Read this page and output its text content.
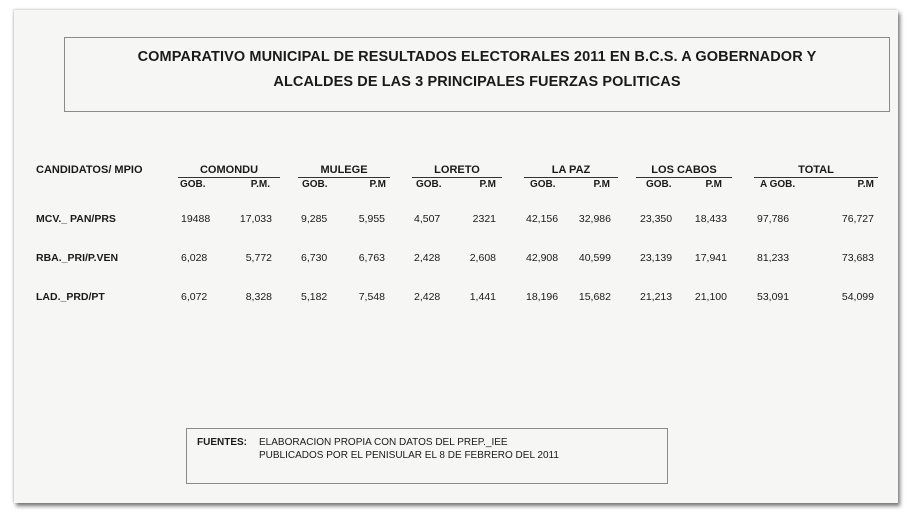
COMPARATIVO MUNICIPAL DE RESULTADOS ELECTORALES 2011 EN B.C.S. A GOBERNADOR Y
ALCALDES DE LAS 3 PRINCIPALES FUERZAS POLITICAS
CANDIDATOS/ MPIO	COMONDU	MULEGE	LORETO	LA PAZ	LOS CABOS	TOTAL
GOB.	P.M.	GOB.	P.M	GOB.	P.M	GOB.	P.M	GOB.	P.M	A GOB.	P.M
MCV._ PAN/PRS	19488	17,033	9,285	5,955	4,507	2321	42,156	32,986	23,350	18,433	97,786	76,727
RBA._PRI/P.VEN	6,028	5,772	6,730	6,763	2,428	2,608	42,908	40,599	23,139	17,941	81,233	73,683
LAD._PRD/PT	6,072	8,328	5,182	7,548	2,428	1,441	18,196	15,682	21,213	21,100	53,091	54,099
FUENTES: ELABORACION PROPIA CON DATOS DEL PREP._IEE
PUBLICADOS POR EL PENISULAR EL 8 DE FEBRERO DEL 2011
